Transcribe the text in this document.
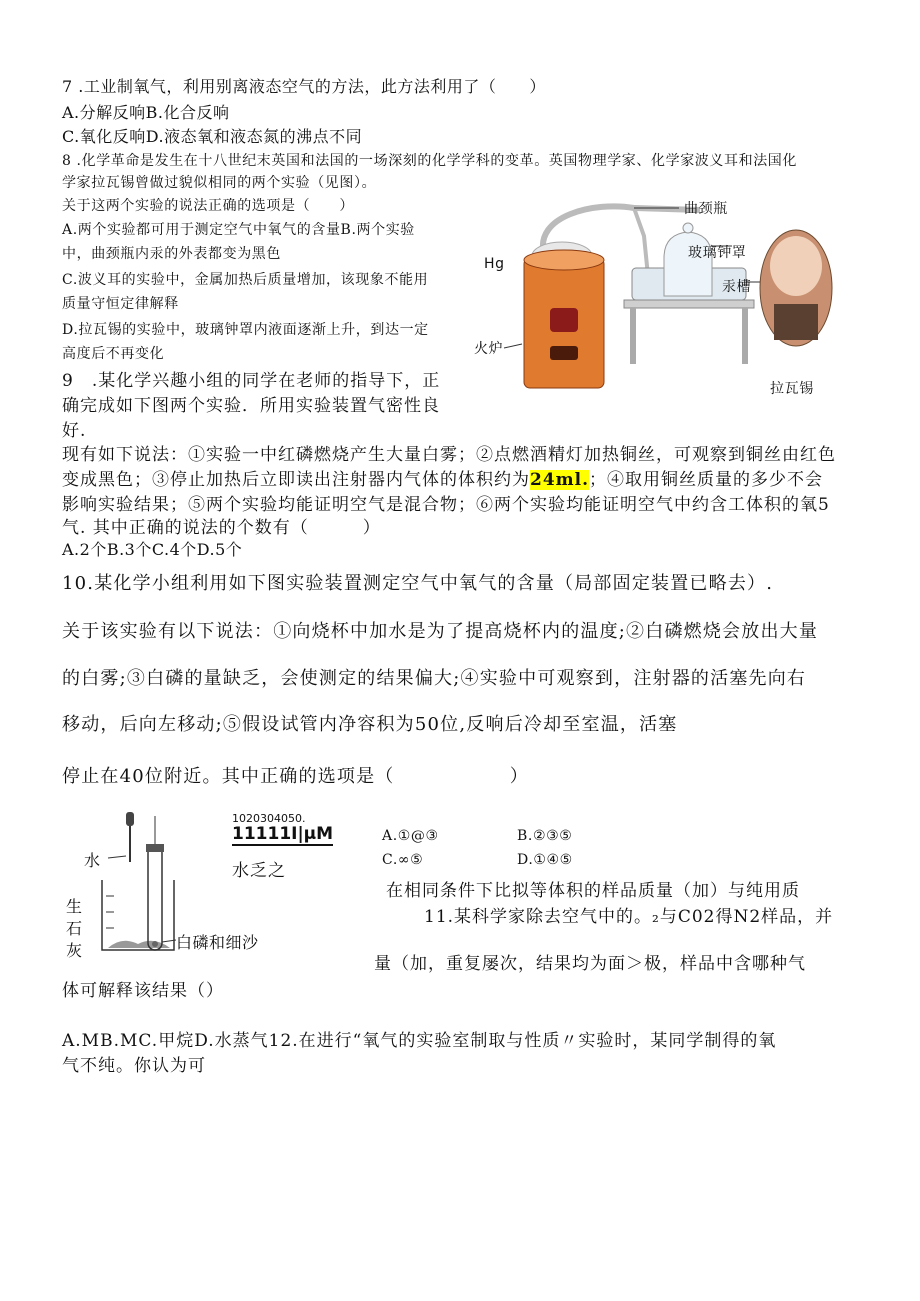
7 .工业制氧气，利用别离液态空气的方法，此方法利用了（　　）
A.分解反响B.化合反响
C.氧化反响D.液态氧和液态氮的沸点不同
8 .化学革命是发生在十八世纪末英国和法国的一场深刻的化学学科的变革。英国物理学家、化学家波义耳和法国化
学家拉瓦锡曾做过貌似相同的两个实验（见图）。
关于这两个实验的说法正确的选项是（　　）
A.两个实验都可用于测定空气中氧气的含量B.两个实验
中，曲颈瓶内汞的外表都变为黑色
C.波义耳的实验中，金属加热后质量增加，该现象不能用
质量守恒定律解释
D.拉瓦锡的实验中，玻璃钟罩内液面逐渐上升，到达一定
高度后不再变化
曲颈瓶
Hg
玻璃钟罩
汞槽
火炉
拉瓦锡
9　.某化学兴趣小组的同学在老师的指导下，正
确完成如下图两个实验．所用实验装置气密性良
好.
现有如下说法：①实验一中红磷燃烧产生大量白雾；②点燃酒精灯加热铜丝，可观察到铜丝由红色
变成黑色；③停止加热后立即读出注射器内气体的体积约为24ml.；④取用铜丝质量的多少不会
影响实验结果；⑤两个实验均能证明空气是混合物；⑥两个实验均能证明空气中约含工体积的氧5
气. 其中正确的说法的个数有（　　　）
A.2个B.3个C.4个D.5个
10.某化学小组利用如下图实验装置测定空气中氧气的含量（局部固定装置已略去）.
关于该实验有以下说法：①向烧杯中加水是为了提高烧杯内的温度;②白磷燃烧会放出大量
的白雾;③白磷的量缺乏，会使测定的结果偏大;④实验中可观察到，注射器的活塞先向右
移动，后向左移动;⑤假设试管内净容积为50位,反响后冷却至室温，活塞
停止在40位附近。其中正确的选项是（　　　　　　）
水
生
石
灰	白磷和细沙
1020304050.
11111I|μM
水乏之
A.①@③	B.②③⑤
C.∞⑤	D.①④⑤
在相同条件下比拟等体积的样品质量（加）与纯用质
11.某科学家除去空气中的。₂与C02得N2样品，并
量（加，重复屡次，结果均为面＞极，样品中含哪种气
体可解释该结果（）
A.MB.MC.甲烷D.水蒸气12.在进行“氧气的实验室制取与性质〃实验时，某同学制得的氧
气不纯。你认为可
